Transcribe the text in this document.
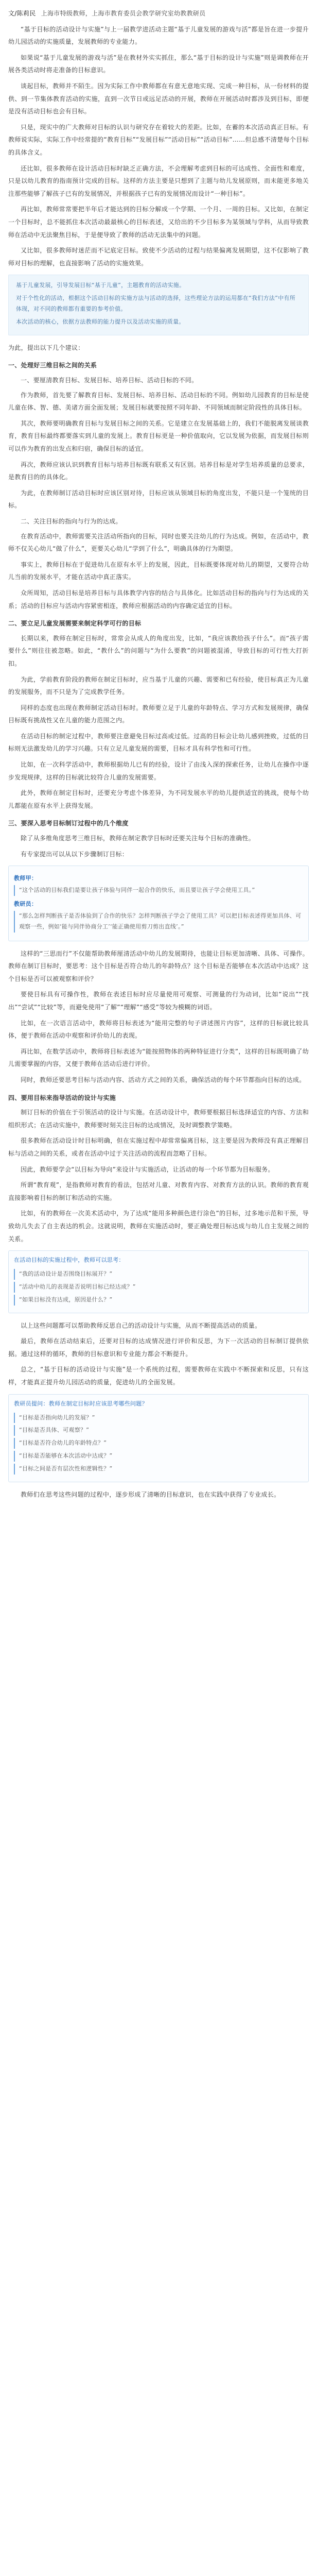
文/陈莉民 上海市特级教师，上海市教育委员会教学研究室幼教教研员

“基于目标的活动设计与实施”与上一届教学进活动主题“基于儿童发展的游戏与活”都是旨在进一步提升幼儿园活动的实施质量，发展教师的专业能力。

如果说“基于儿童发展的游戏与活”是在教材外实实抓住，那么“基于目标的设计与实施”则是调教师在开展各类活动时将走准备的目标意识。

谈起目标，教师并不陌生。因为实际工作中教师都在有意无意地实现、完成一种目标，从一份材料的提供、到一节集体教育活动的实施，直到一次节日或远足活动的开展，教师在开展活动时都涉及到目标，即便是没有活动目标也会有目标。

只是，现实中的广大教师对目标的认识与研究存在着较大的差距。比如，在蓄的本次活动真正目标。有教师说实际，实际工作中经常提的“教育目标”“发展目标”“活动目标”“活动目标”……但总感不清楚每个目标的具体含义。

还比如，很多教师在设计活动目标时缺乏正确方法，不会理解考虑到目标的可达成性、全面性和难度，只是以幼儿教育的指南预计完成的目标。这样的方法主要是只想到了主题与幼儿发展原则，而未能更多地关注那些能够了解孩子已有的发展情况，并根据孩子已有的发展情况而设计“一种目标”。

再比如，教师常常要把半年后才能达到的目标分解成一个学期、一个月、一周的目标。又比如，在制定一个目标时，总不能抓住本次活动最最核心的目标表述，又给出的不少目标多为某领域与学科，从而导致教师在活动中无法聚焦目标，于是便导致了教师的活动无法集中的问题。

又比如，很多教师时迷茫而不记底定目标。致使不少活动的过程与结果偏离发展期望，这不仅影响了教师对目标的理解，也直接影响了活动的实施效果。

基于儿童发展，引导发展目标“基于儿童”，主题教育的活动实施。
对于个性化的活动，根据这个活动目标的实施方法与活动的选择，这些理论方法的运用都在“我们方法”中有所体现，对不同的教师都有重要的参考价值。
本次活动的核心，依据方法教师的能力提升以及活动实施的质量。

为此，提出以下几个建议：

一、处理好三维目标之间的关系
一、要厘清教育目标、发展目标、培养目标、活动目标的不同。

作为教师，首先要了解教育目标、发展目标、培养目标、活动目标的不同。例如幼儿园教育的目标是使儿童在体、智、德、美诸方面全面发展；发展目标就要按照不同年龄、不同领域而制定阶段性的具体目标。

其次，教师要明确教育目标与发展目标之间的关系。它是建立在发展基础上的，我们不能脱离发展谈教育，教育目标最终都要落实到儿童的发展上。教育目标更是一种价值取向，它以发展为依据，而发展目标则可以作为教育的出发点和归宿，确保目标的适宜。

再次，教师应该认识到教育目标与培养目标既有联系又有区别。培养目标是对学生培养质量的总要求，是教育目的的具体化。

为此，在教师制订活动目标时应该区别对待，目标应该从领域目标的角度出发，不能只是一个笼统的目标。

二、关注目标的指向与行为的达成。

在教育活动中，教师需要关注活动所指向的目标，同时也要关注幼儿的行为达成。例如，在活动中，教师不仅关心幼儿“做了什么”，更要关心幼儿“学到了什么”，明确具体的行为期望。

事实上，教师目标在于促进幼儿在原有水平上的发展，因此，目标既要体现对幼儿的期望，又要符合幼儿当前的发展水平，才能在活动中真正落实。

众所周知，活动目标是培养目标与具体教学内容的结合与具体化。比如活动目标的指向与行为达成的关系；活动的目标应与活动内容紧密相连，教师应根据活动的内容确定适宜的目标。

二、要立足儿童发展需要来制定科学可行的目标

长期以来，教师在制定目标时，常常会从成人的角度出发，比如，“我应该教给孩子什么”。而“孩子需要什么”则往往被忽略。如此，“教什么”的问题与“为什么要教”的问题被混淆，导致目标的可行性大打折扣。

为此，学前教育阶段的教师在制定目标时，应当基于儿童的兴趣、需要和已有经验，使目标真正为儿童的发展服务，而不只是为了完成教学任务。

同样的态度也出现在教师制定活动目标时。教师要立足于儿童的年龄特点、学习方式和发展规律，确保目标既有挑战性又在儿童的能力范围之内。

在活动目标的制定过程中，教师要注意避免目标过高或过低。过高的目标会让幼儿感到挫败，过低的目标则无法激发幼儿的学习兴趣。只有立足儿童发展的需要，目标才具有科学性和可行性。

比如，在一次科学活动中，教师根据幼儿已有的经验，设计了由浅入深的探索任务，让幼儿在操作中逐步发现规律，这样的目标就比较符合儿童的发展需要。

此外，教师在制定目标时，还要充分考虑个体差异，为不同发展水平的幼儿提供适宜的挑战，使每个幼儿都能在原有水平上获得发展。

三、要深入思考目标制订过程中的几个维度

除了从多维角度思考三维目标，教师在制定教学目标时还要关注每个目标的准确性。

有专家提出可以从以下步骤制订目标：

教师甲：
“这个活动的目标我们是要让孩子体验与同伴一起合作的快乐，而且要让孩子学会使用工具。”
教研员：
“那么怎样判断孩子是否体验到了合作的快乐？怎样判断孩子学会了使用工具？可以把目标表述得更加具体、可观察一些，例如‘能与同伴协商分工’‘能正确使用剪刀剪出直线’。”

这样的“三思而行”不仅能帮助教师厘清活动中幼儿的发展期待，也能让目标更加清晰、具体、可操作。教师在制订目标时，要思考：这个目标是否符合幼儿的年龄特点？这个目标是否能够在本次活动中达成？这个目标是否可以被观察和评价？

要使目标具有可操作性，教师在表述目标时应尽量使用可观察、可测量的行为动词，比如“说出”“找出”“尝试”“比较”等，而避免使用“了解”“理解”“感受”等较为模糊的词语。

比如，在一次语言活动中，教师将目标表述为“能用完整的句子讲述图片内容”，这样的目标就比较具体，便于教师在活动中观察和评价幼儿的表现。

再比如，在数学活动中，教师将目标表述为“能按照物体的两种特征进行分类”，这样的目标既明确了幼儿需要掌握的内容，又便于教师在活动后进行评价。

同时，教师还要思考目标与活动内容、活动方式之间的关系，确保活动的每个环节都指向目标的达成。

四、要用目标来指导活动的设计与实施

制订目标的价值在于引领活动的设计与实施。在活动设计中，教师要根据目标选择适宜的内容、方法和组织形式；在活动实施中，教师要时刻关注目标的达成情况，及时调整教学策略。

很多教师在活动设计时目标明确，但在实施过程中却常常偏离目标，这主要是因为教师没有真正理解目标与活动之间的关系，或者在活动中过于关注活动的流程而忽略了目标。

因此，教师要学会“以目标为导向”来设计与实施活动，让活动的每一个环节都为目标服务。

所谓“教育观”，是指教师对教育的看法，包括对儿童、对教育内容、对教育方法的认识。教师的教育观直接影响着目标的制订和活动的实施。

比如，有的教师在一次美术活动中，为了达成“能用多种颜色进行涂色”的目标，过多地示范和干预，导致幼儿失去了自主表达的机会。这就说明，教师在实施活动时，要正确处理目标达成与幼儿自主发展之间的关系。

在活动目标的实施过程中，教师可以思考：
“我的活动设计是否围绕目标展开？”
“活动中幼儿的表现是否说明目标已经达成？”
“如果目标没有达成，原因是什么？”

以上这些问题都可以帮助教师反思自己的活动设计与实施，从而不断提高活动的质量。

最后，教师在活动结束后，还要对目标的达成情况进行评价和反思，为下一次活动的目标制订提供依据。通过这样的循环，教师的目标意识和专业能力都会不断提升。

总之，“基于目标的活动设计与实施”是一个系统的过程，需要教师在实践中不断探索和反思，只有这样，才能真正提升幼儿园活动的质量，促进幼儿的全面发展。

教研员提问：教师在制定目标时应该思考哪些问题？
“目标是否指向幼儿的发展？”
“目标是否具体、可观察？”
“目标是否符合幼儿的年龄特点？”
“目标是否能够在本次活动中达成？”
“目标之间是否有层次性和逻辑性？”

教师们在思考这些问题的过程中，逐步形成了清晰的目标意识，也在实践中获得了专业成长。
